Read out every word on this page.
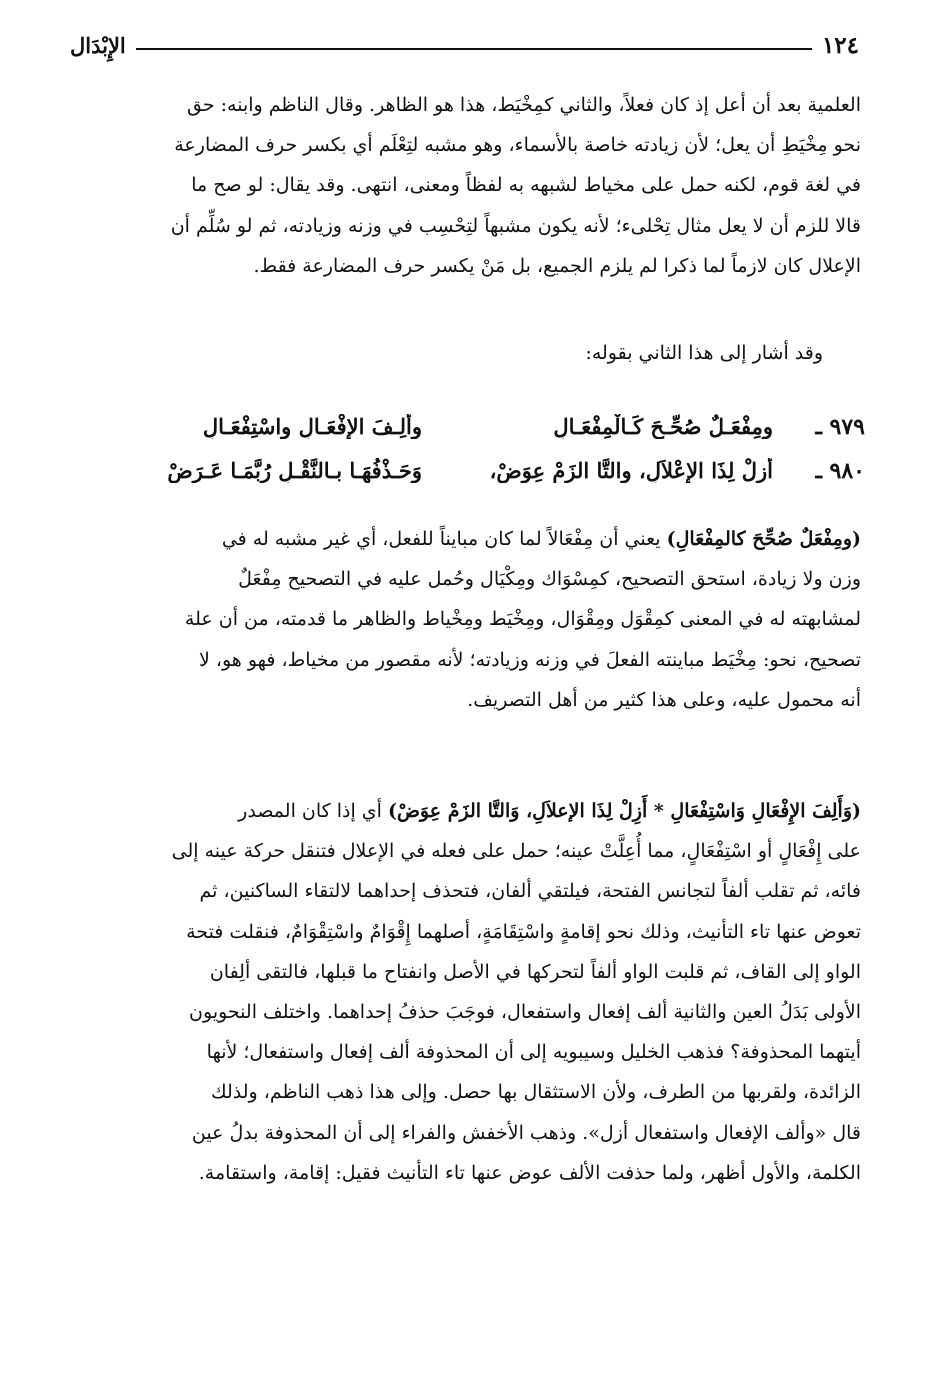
١٢٤
الإِبْدَال
العلمية بعد أن أعل إذ كان فعلاً، والثاني كمِخْيَط، هذا هو الظاهر. وقال الناظم وابنه: حق
نحو مِخْيَطِ أن يعل؛ لأن زيادته خاصة بالأسماء، وهو مشبه لتِعْلَم أي بكسر حرف المضارعة
في لغة قوم، لكنه حمل على مخياط لشبهه به لفظاً ومعنى، انتهى. وقد يقال: لو صح ما
قالا للزم أن لا يعل مثال تِحْلىء؛ لأنه يكون مشبهاً لتِحْسِب في وزنه وزيادته، ثم لو سُلِّم أن
الإعلال كان لازماً لما ذكرا لم يلزم الجميع، بل مَنْ يكسر حرف المضارعة فقط.
وقد أشار إلى هذا الثاني بقوله:
٩٧٩ ـ
ومِفْعَـلٌ صُحِّـحَ كَـالْمِفْعَـالِ
وأَلِـفَ الإِفْعَـالِ واسْتِفْعَـالِ
٩٨٠ ـ
أَزِلْ لِذَا الإِعْلاَلِ، والتَّا الزَمْ عِوَضْ،
وَحَـذْفُهَـا بـالنَّقْـلِ رُبَّمَـا عَـرَضْ
(ومِفْعَلٌ صُحِّحَ كالمِفْعَالِ) يعني أن مِفْعَالاً لما كان مبايناً للفعل، أي غير مشبه له في
وزن ولا زيادة، استحق التصحيح، كمِسْوَاك ومِكْيَال وحُمل عليه في التصحيح مِفْعَلٌ
لمشابهته له في المعنى كمِقْوَل ومِقْوَال، ومِخْيَط ومِخْياط والظاهر ما قدمته، من أن علة
تصحيح، نحو: مِخْيَط مباينته الفعلَ في وزنه وزيادته؛ لأنه مقصور من مخياط، فهو هو، لا
أنه محمول عليه، وعلى هذا كثير من أهل التصريف.
(وَأَلِفَ الإِفْعَالِ وَاسْتِفْعَالِ * أَزِلْ لِذَا الإعلاَلِ، وَالتَّا الزَمْ عِوَضْ) أي إذا كان المصدر
على إِفْعَالٍ أو اسْتِفْعَالٍ، مما أُعِلَّتْ عينه؛ حمل على فعله في الإعلال فتنقل حركة عينه إلى
فائه، ثم تقلب ألفاً لتجانس الفتحة، فيلتقي ألفان، فتحذف إحداهما لالتقاء الساكنين، ثم
تعوض عنها تاء التأنيث، وذلك نحو إقامةٍ واسْتِقَامَةٍ، أصلهما إِقْوَامٌ واسْتِقْوَامٌ، فنقلت فتحة
الواو إلى القاف، ثم قلبت الواو ألفاً لتحركها في الأصل وانفتاح ما قبلها، فالتقى ألِفان
الأولى بَدَلُ العين والثانية ألف إفعال واستفعال، فوجَبَ حذفُ إحداهما. واختلف النحويون
أيتهما المحذوفة؟ فذهب الخليل وسيبويه إلى أن المحذوفة ألف إفعال واستفعال؛ لأنها
الزائدة، ولقربها من الطرف، ولأن الاستثقال بها حصل. وإلى هذا ذهب الناظم، ولذلك
قال «وألف الإفعال واستفعال أزل». وذهب الأخفش والفراء إلى أن المحذوفة بدلُ عين
الكلمة، والأول أظهر، ولما حذفت الألف عوض عنها تاء التأنيث فقيل: إقامة، واستقامة.
